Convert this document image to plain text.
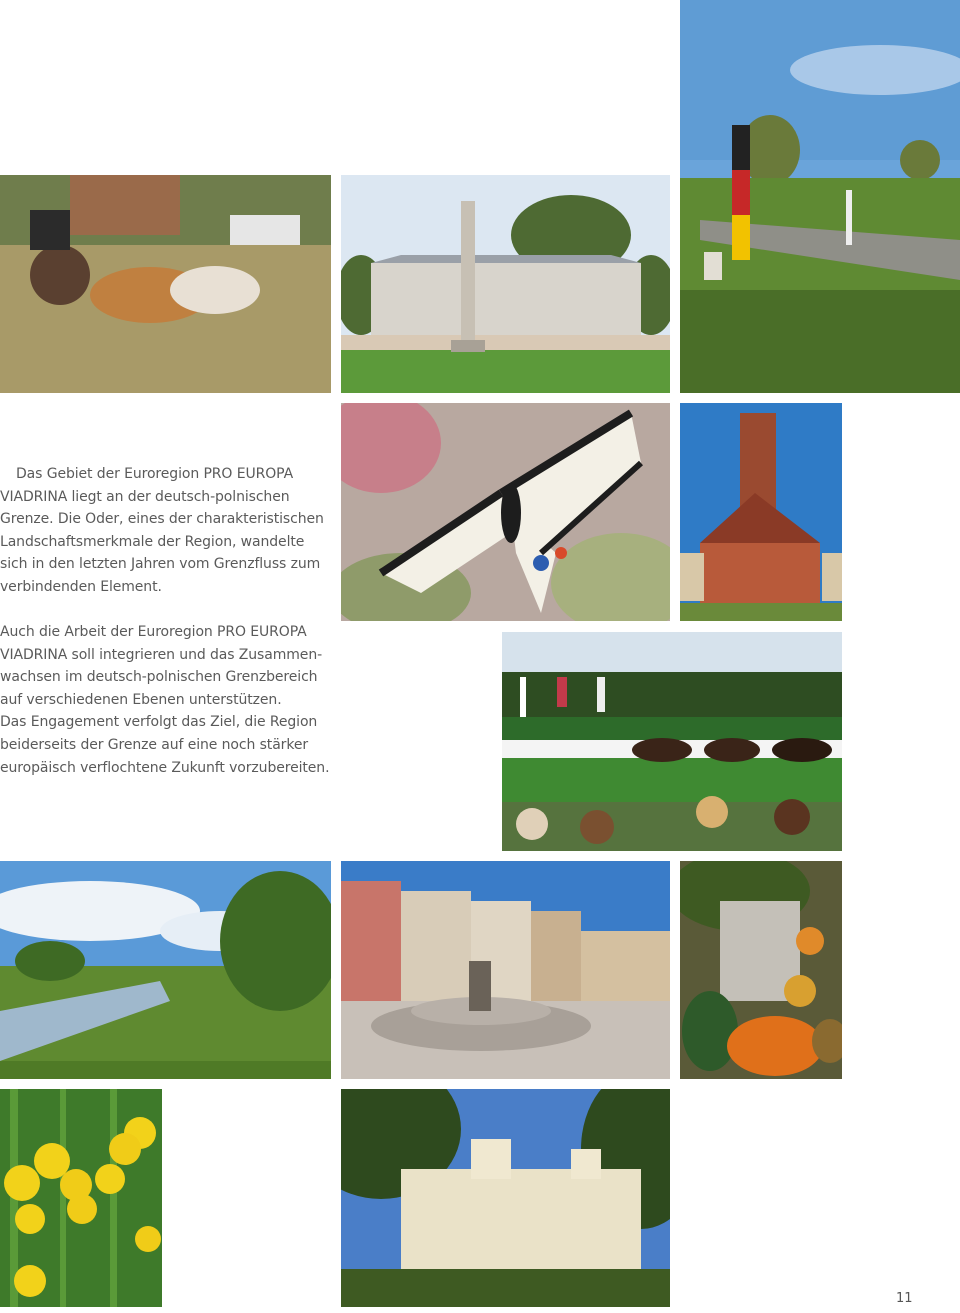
Das Gebiet der Euroregion PRO EUROPA

VIADRINA liegt an der deutsch-polnischen

Grenze. Die Oder, eines der charakteristischen

Landschaftsmerkmale der Region, wandelte

sich in den letzten Jahren vom Grenzfluss zum

verbindenden Element.

Auch die Arbeit der Euroregion PRO EUROPA

VIADRINA soll integrieren und das Zusammen-

wachsen im deutsch-polnischen Grenzbereich

auf verschiedenen Ebenen unterstützen.

Das Engagement verfolgt das Ziel, die Region

beiderseits der Grenze auf eine noch stärker

europäisch verflochtene Zukunft vorzubereiten.

11
